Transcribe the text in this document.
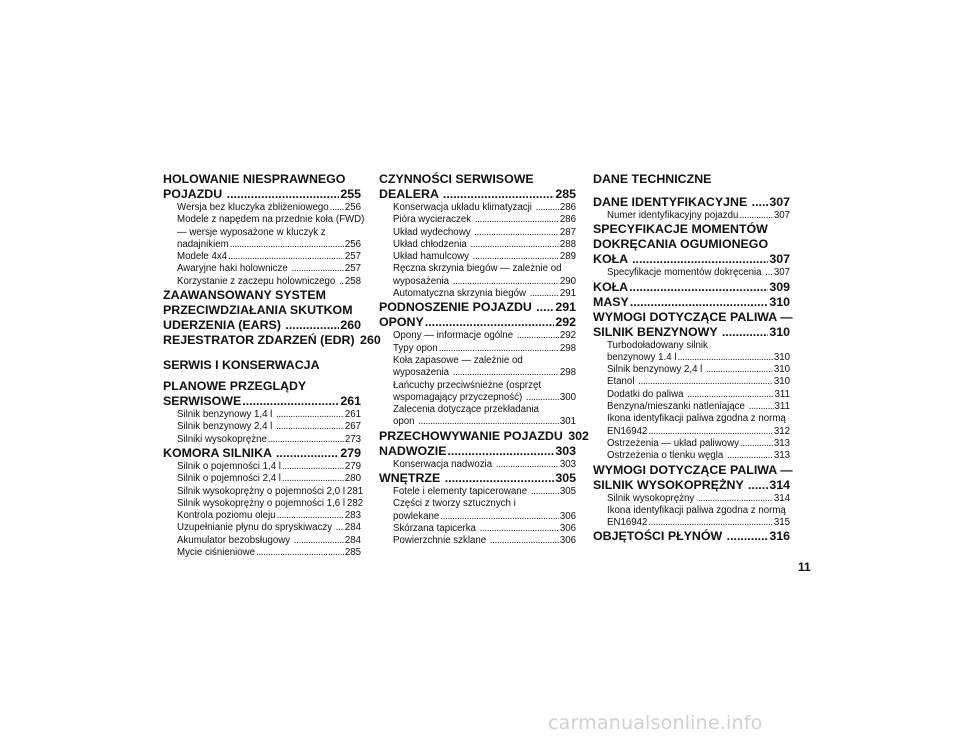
HOLOWANIE NIESPRAWNEGO
POJAZDU .....	255
Wersja bez kluczyka zbliżeniowego ..... 256
Modele z napędem na przednie koła (FWD)
— wersje wyposażone w kluczyk z
nadajnikiem .....	256
Modele 4x4 .....	257
Awaryjne haki holownicze .....	257
Korzystanie z zaczepu holowniczego ..... 258
ZAAWANSOWANY SYSTEM
PRZECIWDZIAŁANIA SKUTKOM
UDERZENIA (EARS) .....	260
REJESTRATOR ZDARZEŃ (EDR) 260
SERWIS I KONSERWACJA
PLANOWE PRZEGLĄDY
SERWISOWE .....	261
Silnik benzynowy 1,4 l .....	261
Silnik benzynowy 2,4 l .....	267
Silniki wysokoprężne .....	273
KOMORA SILNIKA .....	279
Silnik o pojemności 1,4 l .....	279
Silnik o pojemności 2,4 l .....	280
Silnik wysokoprężny o pojemności 2,0 l 281
Silnik wysokoprężny o pojemności 1,6 l 282
Kontrola poziomu oleju .....	283
Uzupełnianie płynu do spryskiwaczy ..... 284
Akumulator bezobsługowy .....	284
Mycie ciśnieniowe .....	285
CZYNNOŚCI SERWISOWE
DEALERA .....	285
Konserwacja układu klimatyzacji .....	286
Pióra wycieraczek .....	286
Układ wydechowy .....	287
Układ chłodzenia .....	288
Układ hamulcowy .....	289
Ręczna skrzynia biegów — zależnie od
wyposażenia .....	290
Automatyczna skrzynia biegów .....	291
PODNOSZENIE POJAZDU ..... 291
OPONY .....	292
Opony — informacje ogólne .....	292
Typy opon .....	298
Koła zapasowe — zależnie od
wyposażenia .....	298
Łańcuchy przeciwśnieżne (osprzęt
wspomagający przyczepność) .....	300
Zalecenia dotyczące przekładania
opon .....	301
PRZECHOWYWANIE POJAZDU 302
NADWOZIE .....	303
Konserwacja nadwozia .....	303
WNĘTRZE .....	305
Fotele i elementy tapicerowane .....	305
Części z tworzy sztucznych i
powlekane .....	306
Skórzana tapicerka .....	306
Powierzchnie szklane .....	306
DANE TECHNICZNE
DANE IDENTYFIKACYJNE ..... 307
Numer identyfikacyjny pojazdu .....	307
SPECYFIKACJE MOMENTÓW
DOKRĘCANIA OGUMIONEGO
KOŁA .....	307
Specyfikacje momentów dokręcenia ..... 307
KOŁA .....	309
MASY .....	310
WYMOGI DOTYCZĄCE PALIWA —
SILNIK BENZYNOWY .....	310
Turbodoładowany silnik
benzynowy 1.4 l .....	310
Silnik benzynowy 2,4 l .....	310
Etanol .....	310
Dodatki do paliwa .....	311
Benzyna/mieszanki natleniające .....	311
Ikona identyfikacji paliwa zgodna z normą
EN16942 .....	312
Ostrzeżenia — układ paliwowy .....	313
Ostrzeżenia o tlenku węgla .....	313
WYMOGI DOTYCZĄCE PALIWA —
SILNIK WYSOKOPRĘŻNY ..... 314
Silnik wysokoprężny .....	314
Ikona identyfikacji paliwa zgodna z normą
EN16942 .....	315
OBJĘTOŚCI PŁYNÓW .....	316
11
carmanualsonline.info
